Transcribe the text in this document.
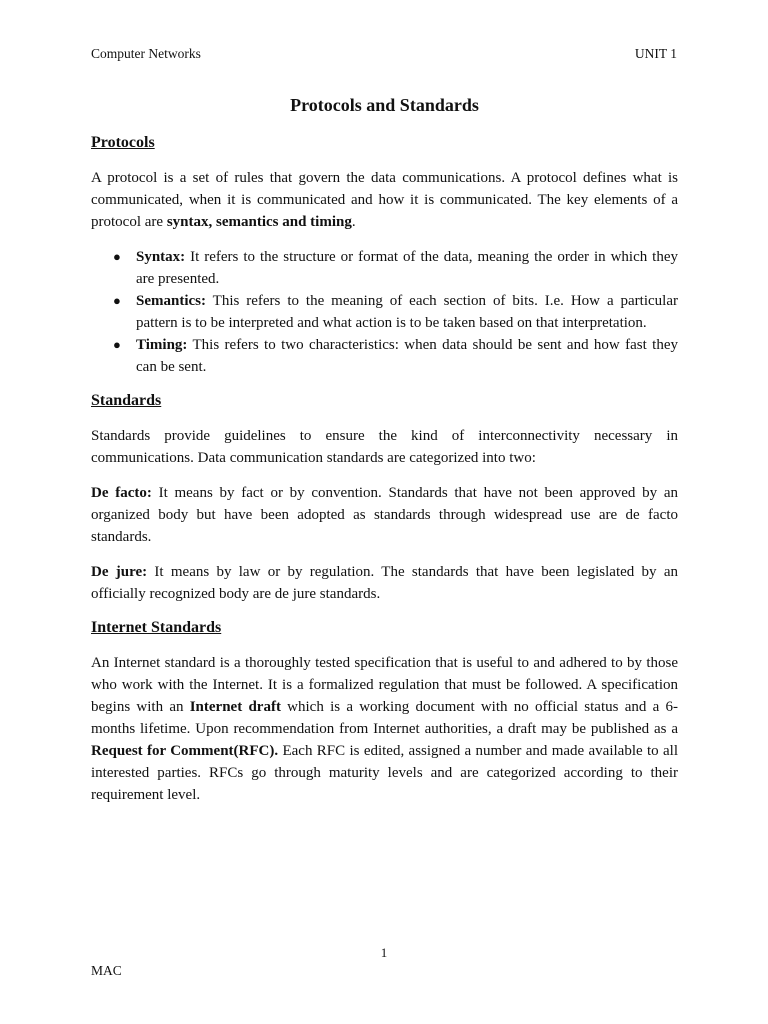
Computer Networks	UNIT 1
Protocols and Standards
Protocols

A protocol is a set of rules that govern the data communications. A protocol defines what is communicated, when it is communicated and how it is communicated. The key elements of a protocol are syntax, semantics and timing.

● Syntax: It refers to the structure or format of the data, meaning the order in which they are presented.
● Semantics: This refers to the meaning of each section of bits. I.e. How a particular pattern is to be interpreted and what action is to be taken based on that interpretation.
● Timing: This refers to two characteristics: when data should be sent and how fast they can be sent.
Standards

Standards provide guidelines to ensure the kind of interconnectivity necessary in communications. Data communication standards are categorized into two:

De facto: It means by fact or by convention. Standards that have not been approved by an organized body but have been adopted as standards through widespread use are de facto standards.

De jure: It means by law or by regulation. The standards that have been legislated by an officially recognized body are de jure standards.

Internet Standards

An Internet standard is a thoroughly tested specification that is useful to and adhered to by those who work with the Internet. It is a formalized regulation that must be followed. A specification begins with an Internet draft which is a working document with no official status and a 6-months lifetime. Upon recommendation from Internet authorities, a draft may be published as a Request for Comment(RFC). Each RFC is edited, assigned a number and made available to all interested parties. RFCs go through maturity levels and are categorized according to their requirement level.

1
MAC
